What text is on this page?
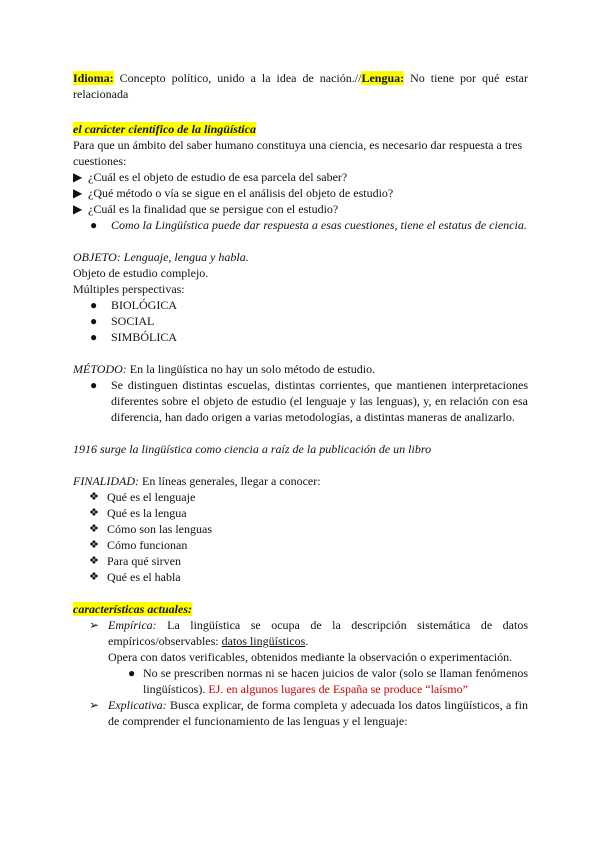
Idioma: Concepto político, unido a la idea de nación.//Lengua: No tiene por qué estar relacionada

el carácter científico de la lingüística

Para que un ámbito del saber humano constituya una ciencia, es necesario dar respuesta a tres cuestiones:

▶ ¿Cuál es el objeto de estudio de esa parcela del saber?
▶ ¿Qué método o vía se sigue en el análisis del objeto de estudio?
▶ ¿Cuál es la finalidad que se persigue con el estudio?
● Como la Lingüística puede dar respuesta a esas cuestiones, tiene el estatus de ciencia.

OBJETO: Lenguaje, lengua y habla.

Objeto de estudio complejo.

Múltiples perspectivas:

● BIOLÓGICA
● SOCIAL
● SIMBÓLICA

MÉTODO: En la lingüística no hay un solo método de estudio.

● Se distinguen distintas escuelas, distintas corrientes, que mantienen interpretaciones diferentes sobre el objeto de estudio (el lenguaje y las lenguas), y, en relación con esa diferencia, han dado origen a varias metodologías, a distintas maneras de analizarlo.

1916 surge la lingüística como ciencia a raíz de la publicación de un libro

FINALIDAD: En líneas generales, llegar a conocer:

❖ Qué es el lenguaje
❖ Qué es la lengua
❖ Cómo son las lenguas
❖ Cómo funcionan
❖ Para qué sirven
❖ Qué es el habla

características actuales:

➢ Empírica: La lingüística se ocupa de la descripción sistemática de datos empíricos/observables: datos lingüísticos.

Opera con datos verificables, obtenidos mediante la observación o experimentación.

● No se prescriben normas ni se hacen juicios de valor (solo se llaman fenómenos lingüísticos). EJ. en algunos lugares de España se produce “laísmo”
➢ Explicativa: Busca explicar, de forma completa y adecuada los datos lingüísticos, a fin de comprender el funcionamiento de las lenguas y el lenguaje:
